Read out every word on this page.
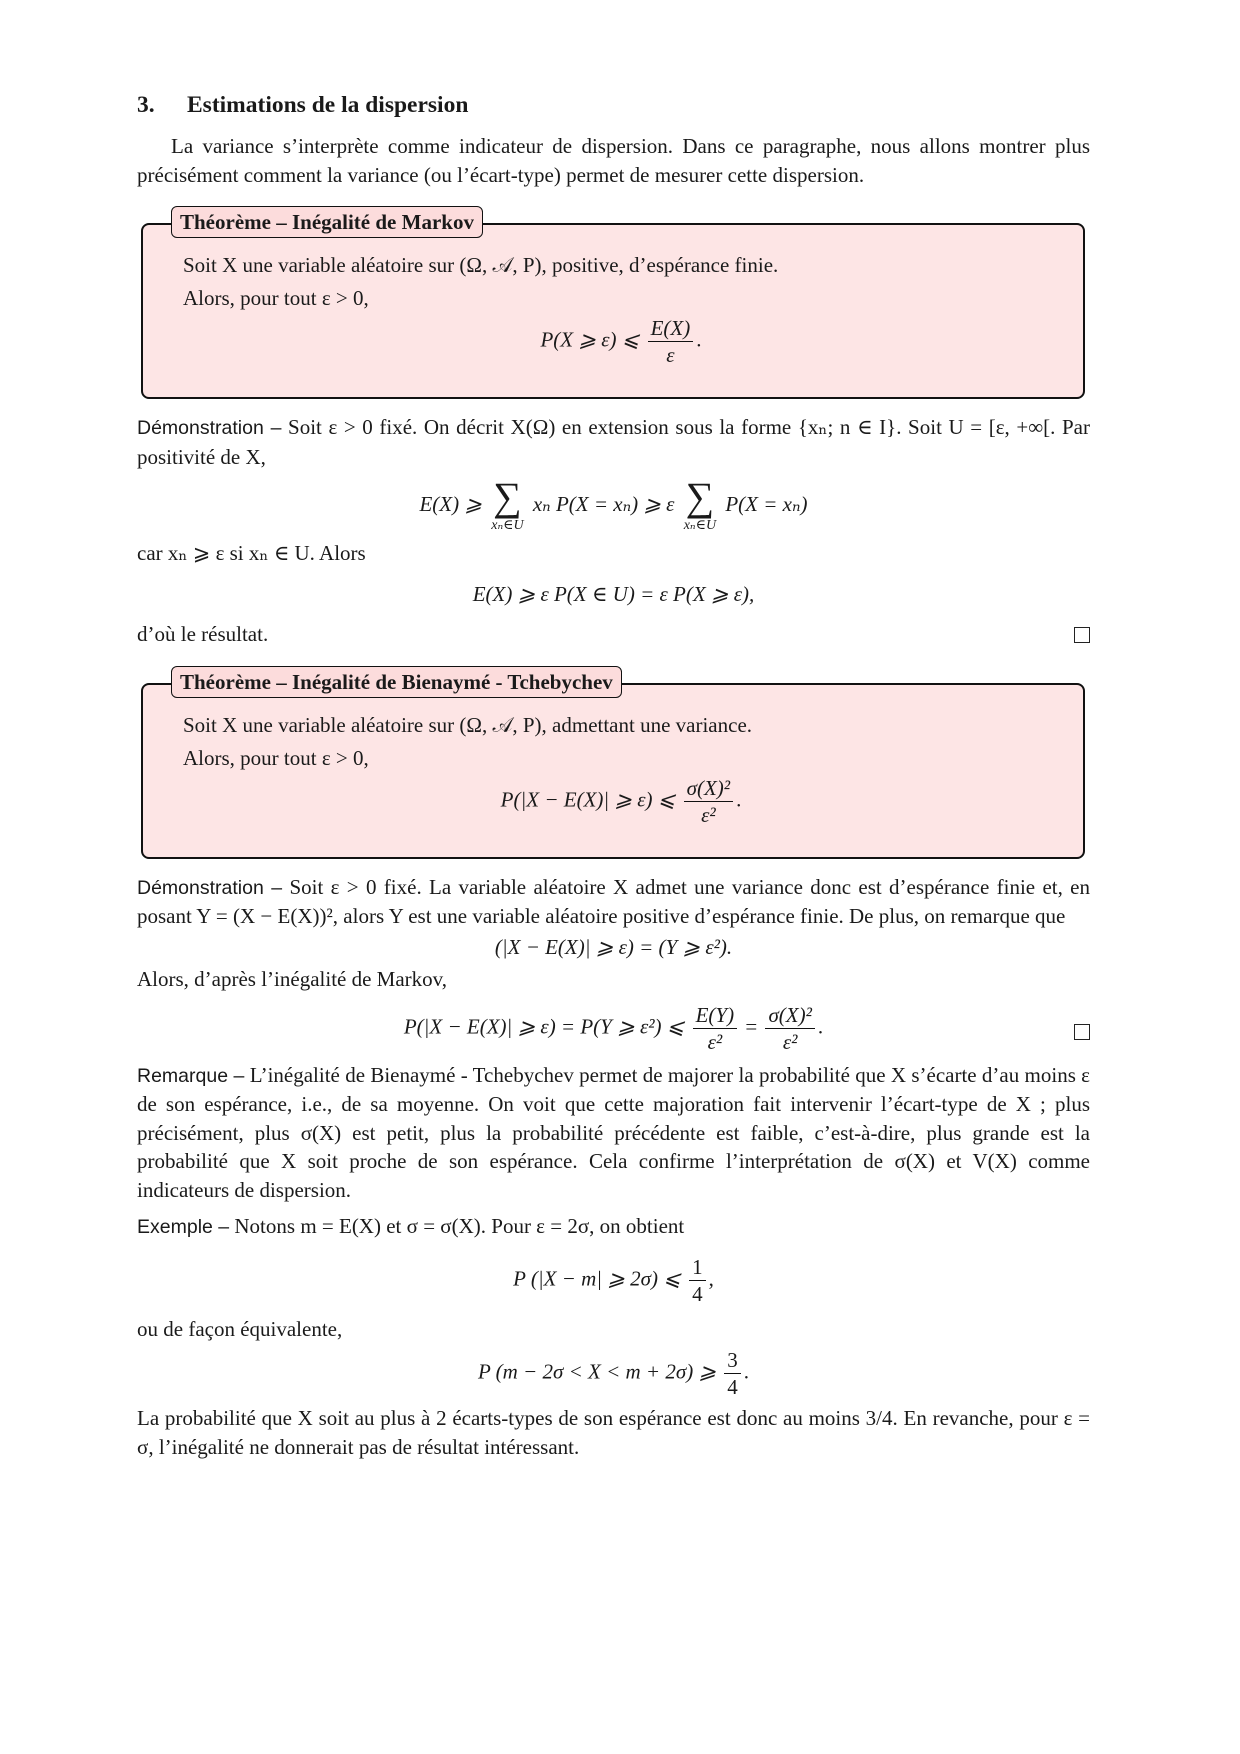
3. Estimations de la dispersion

La variance s’interprète comme indicateur de dispersion. Dans ce paragraphe, nous allons montrer plus précisément comment la variance (ou l’écart-type) permet de mesurer cette dispersion.

Théorème – Inégalité de Markov

Soit X une variable aléatoire sur (Ω, 𝒜, P), positive, d’espérance finie.

Alors, pour tout ε > 0,

P(X ⩾ ε) ⩽ $\frac{E(X)}{\varepsilon}$ .

Démonstration – Soit ε > 0 fixé. On décrit X(Ω) en extension sous la forme {xₙ; n ∈ I}. Soit U = [ε, +∞[. Par positivité de X,

E(X) ⩾ ∑
xₙ∈U
xₙ P(X = xₙ) ⩾ ε ∑
xₙ∈U
P(X = xₙ)

car xₙ ⩾ ε si xₙ ∈ U. Alors

E(X) ⩾ ε P(X ∈ U) = ε P(X ⩾ ε),

d’où le résultat.

Théorème – Inégalité de Bienaymé - Tchebychev

Soit X une variable aléatoire sur (Ω, 𝒜, P), admettant une variance.

Alors, pour tout ε > 0,

P(|X − E(X)| ⩾ ε) ⩽ $\frac{\text{σ(X)²}}{\text{ε²}}$ .

Démonstration – Soit ε > 0 fixé. La variable aléatoire X admet une variance donc est d’espérance finie et, en posant Y = (X − E(X))², alors Y est une variable aléatoire positive d’espérance finie. De plus, on remarque que

(|X − E(X)| ⩾ ε) = (Y ⩾ ε²).

Alors, d’après l’inégalité de Markov,

P(|X − E(X)| ⩾ ε) = P(Y ⩾ ε²) ⩽ $\frac{E(Y)}{\text{ε²}} = \frac{\text{σ(X)²}}{\text{ε²}}$ .

Remarque – L’inégalité de Bienaymé - Tchebychev permet de majorer la probabilité que X s’écarte d’au moins ε de son espérance, i.e., de sa moyenne. On voit que cette majoration fait intervenir l’écart-type de X ; plus précisément, plus σ(X) est petit, plus la probabilité précédente est faible, c’est-à-dire, plus grande est la probabilité que X soit proche de son espérance. Cela confirme l’interprétation de σ(X) et V(X) comme indicateurs de dispersion.

Exemple – Notons m = E(X) et σ = σ(X). Pour ε = 2σ, on obtient

P (|X − m| ⩾ 2σ) ⩽ $\frac{1}{4}$ ,

ou de façon équivalente,

P (m − 2σ < X < m + 2σ) ⩾ $\frac{3}{4}$ .

La probabilité que X soit au plus à 2 écarts-types de son espérance est donc au moins 3/4. En revanche, pour ε = σ, l’inégalité ne donnerait pas de résultat intéressant.
